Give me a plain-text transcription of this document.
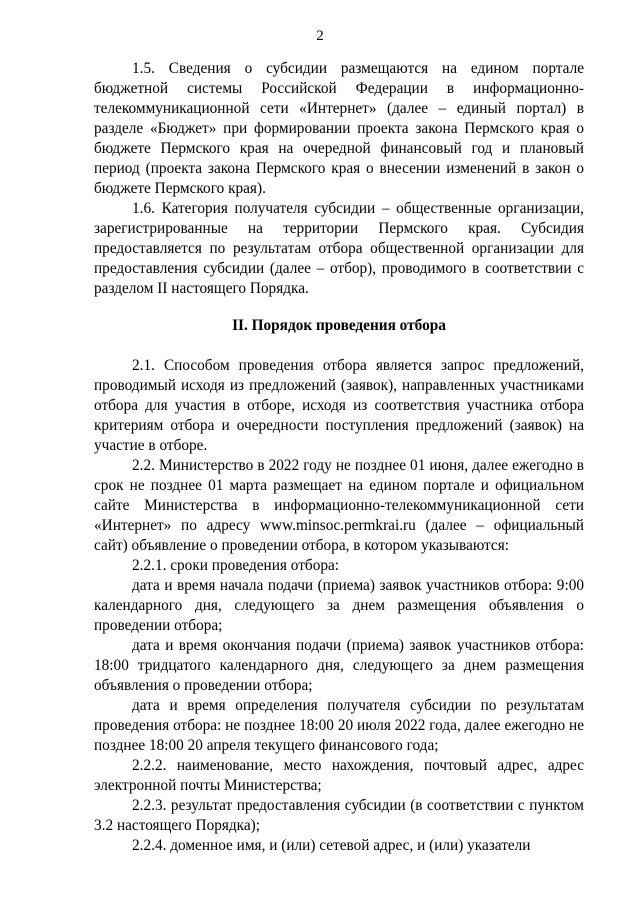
2

1.5. Сведения о субсидии размещаются на едином портале бюджетной системы Российской Федерации в информационно-телекоммуникационной сети «Интернет» (далее – единый портал) в разделе «Бюджет» при формировании проекта закона Пермского края о бюджете Пермского края на очередной финансовый год и плановый период (проекта закона Пермского края о внесении изменений в закон о бюджете Пермского края).

1.6. Категория получателя субсидии – общественные организации, зарегистрированные на территории Пермского края. Субсидия предоставляется по результатам отбора общественной организации для предоставления субсидии (далее – отбор), проводимого в соответствии с разделом II настоящего Порядка.

II. Порядок проведения отбора

2.1. Способом проведения отбора является запрос предложений, проводимый исходя из предложений (заявок), направленных участниками отбора для участия в отборе, исходя из соответствия участника отбора критериям отбора и очередности поступления предложений (заявок) на участие в отборе.

2.2. Министерство в 2022 году не позднее 01 июня, далее ежегодно в срок не позднее 01 марта размещает на едином портале и официальном сайте Министерства в информационно-телекоммуникационной сети «Интернет» по адресу www.minsoc.permkrai.ru (далее – официальный сайт) объявление о проведении отбора, в котором указываются:

2.2.1. сроки проведения отбора:

дата и время начала подачи (приема) заявок участников отбора: 9:00 календарного дня, следующего за днем размещения объявления о проведении отбора;

дата и время окончания подачи (приема) заявок участников отбора: 18:00 тридцатого календарного дня, следующего за днем размещения объявления о проведении отбора;

дата и время определения получателя субсидии по результатам проведения отбора: не позднее 18:00 20 июля 2022 года, далее ежегодно не позднее 18:00 20 апреля текущего финансового года;

2.2.2. наименование, место нахождения, почтовый адрес, адрес электронной почты Министерства;

2.2.3. результат предоставления субсидии (в соответствии с пунктом 3.2 настоящего Порядка);

2.2.4. доменное имя, и (или) сетевой адрес, и (или) указатели
